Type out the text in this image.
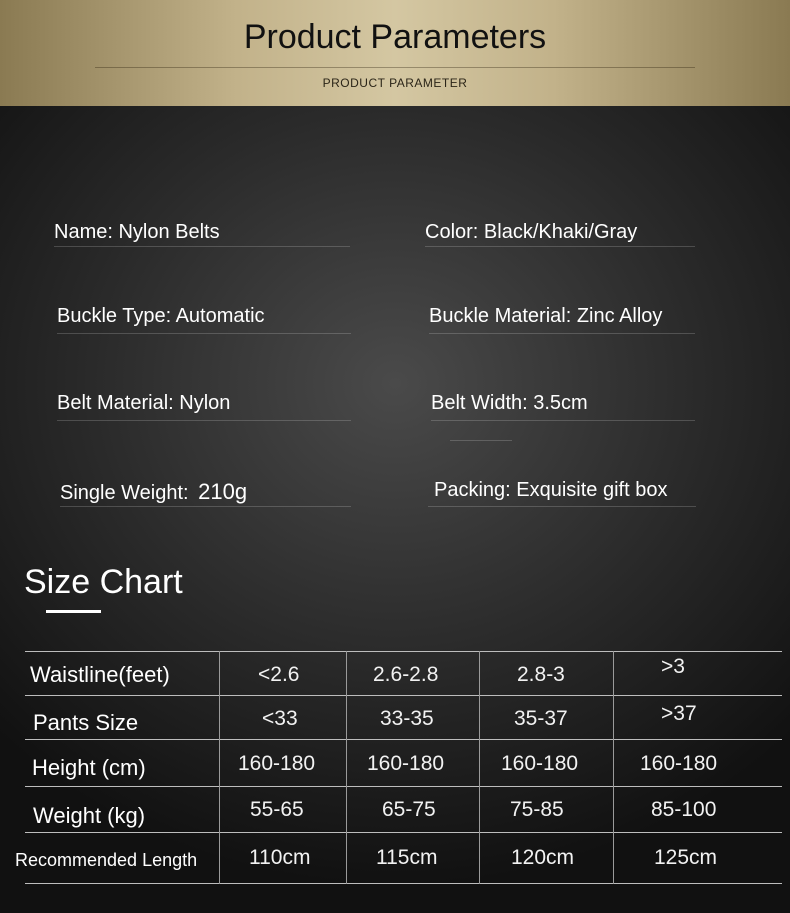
Product Parameters
PRODUCT PARAMETER
Name: Nylon Belts	Color: Black/Khaki/Gray
Buckle Type: Automatic	Buckle Material: Zinc Alloy
Belt Material: Nylon	Belt Width: 3.5cm
Single Weight: 210g	Packing: Exquisite gift box
Size Chart
Waistline(feet)	<2.6	2.6-2.8	2.8-3	>3
Pants Size	<33	33-35	35-37	>37
Height (cm)	160-180 160-180	160-180	160-180
Weight (kg)	55-65	65-75	75-85	85-100
Recommended Length 110cm	115cm	120cm	125cm
